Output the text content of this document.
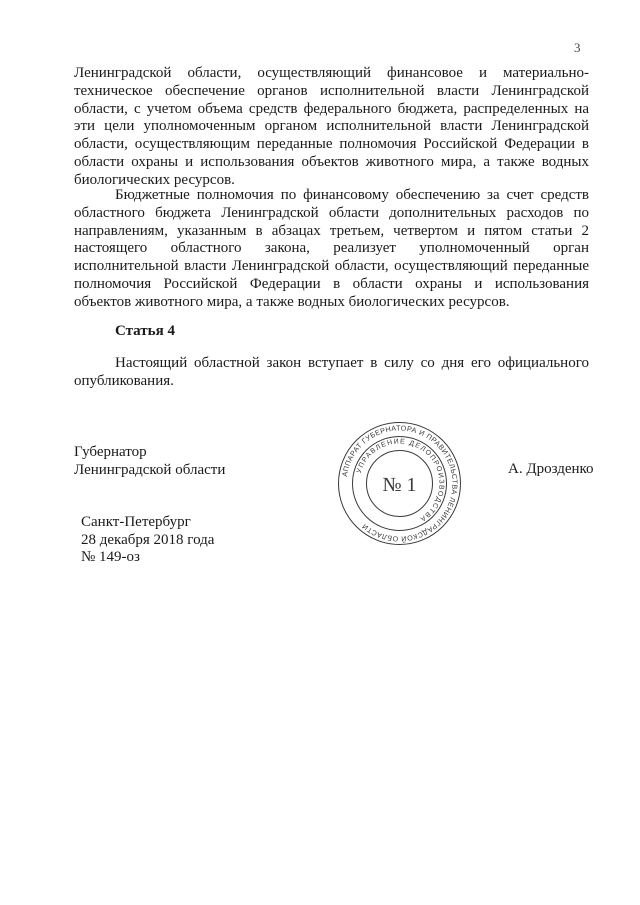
3

Ленинградской области, осуществляющий финансовое и материально-техническое обеспечение органов исполнительной власти Ленинградской области, с учетом объема средств федерального бюджета, распределенных на эти цели уполномоченным органом исполнительной власти Ленинградской области, осуществляющим переданные полномочия Российской Федерации в области охраны и использования объектов животного мира, а также водных биологических ресурсов.

Бюджетные полномочия по финансовому обеспечению за счет средств областного бюджета Ленинградской области дополнительных расходов по направлениям, указанным в абзацах третьем, четвертом и пятом статьи 2 настоящего областного закона, реализует уполномоченный орган исполнительной власти Ленинградской области, осуществляющий переданные полномочия Российской Федерации в области охраны и использования объектов животного мира, а также водных биологических ресурсов.

Статья 4

Настоящий областной закон вступает в силу со дня его официального опубликования.

Губернатор
Ленинградской области	А. Дрозденко
АППАРАТ ГУБЕРНАТОРА И ПРАВИТЕЛЬСТВА ЛЕНИНГРАДСКОЙ ОБЛАСТИ
УПРАВЛЕНИЕ ДЕЛОПРОИЗВОДСТВА
№ 1
Санкт-Петербург
28 декабря 2018 года
№ 149-оз
